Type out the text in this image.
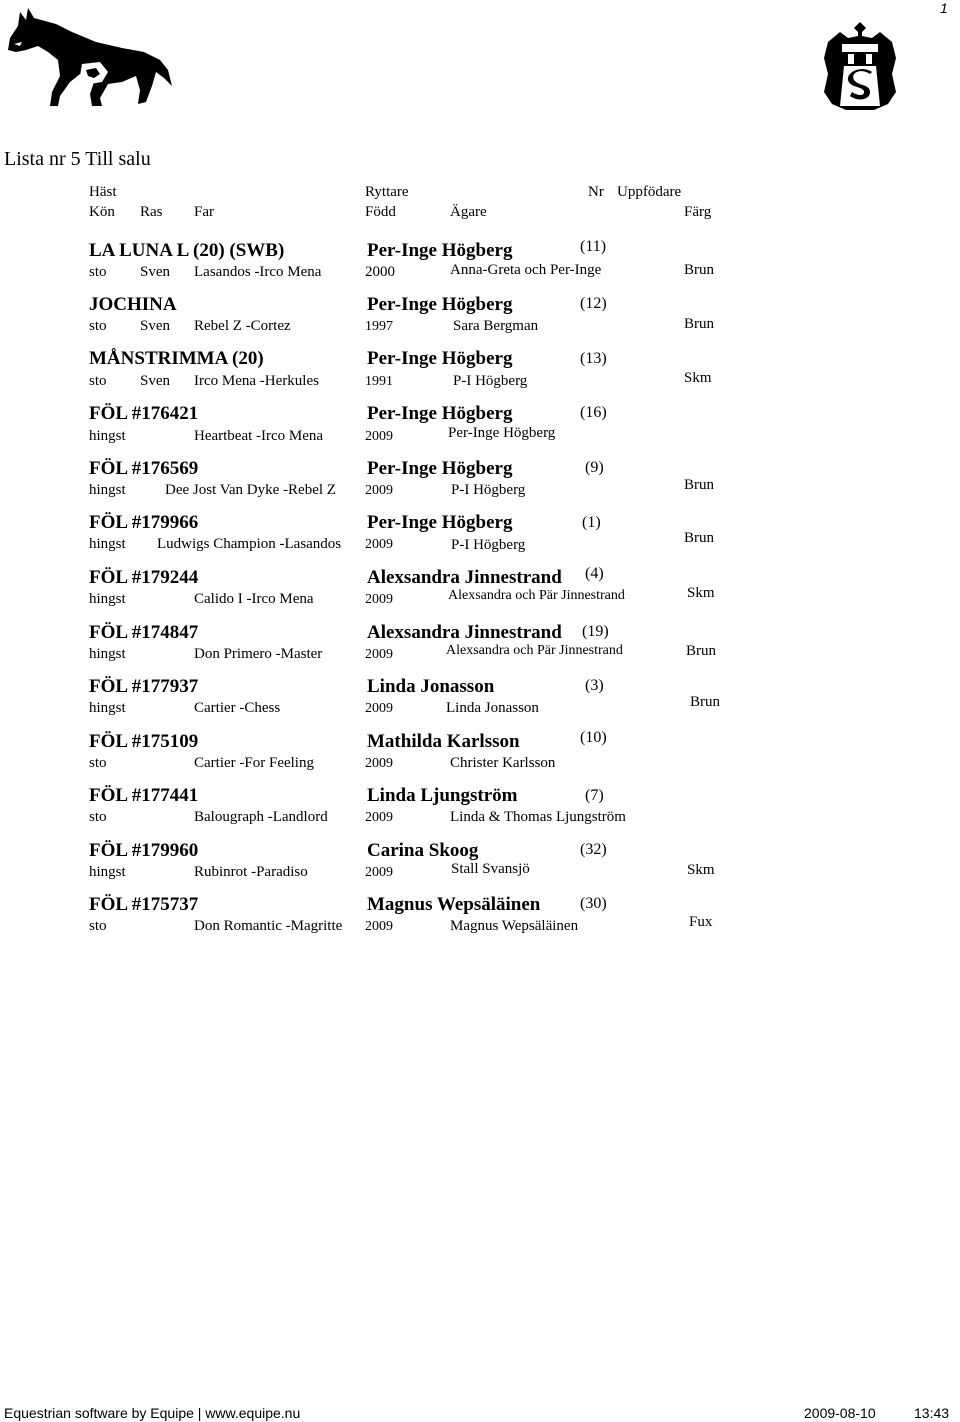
1
Lista nr 5 Till salu
Häst	Ryttare	Nr Uppfödare
Kön Ras Far	Född	Ägare	Färg
LA LUNA L (20) (SWB)	Per-Inge Högberg	(11)
sto Sven Lasandos -Irco Mena	2000	Anna-Greta och Per-Inge	Brun
JOCHINA	Per-Inge Högberg	(12)
sto Sven Rebel Z -Cortez	1997	Sara Bergman	Brun
MÅNSTRIMMA (20)	Per-Inge Högberg	(13)
sto Sven Irco Mena -Herkules	1991	P-I Högberg	Skm
FÖL #176421	Per-Inge Högberg	(16)
hingst	Heartbeat -Irco Mena	2009	Per-Inge Högberg
FÖL #176569	Per-Inge Högberg	(9)
hingst	Dee Jost Van Dyke -Rebel Z 2009	P-I Högberg	Brun
FÖL #179966	Per-Inge Högberg	(1)
hingst Ludwigs Champion -Lasandos 2009	P-I Högberg	Brun
FÖL #179244	Alexsandra Jinnestrand (4)
hingst	Calido I -Irco Mena	2009	Alexsandra och Pär Jinnestrand	Skm
FÖL #174847	Alexsandra Jinnestrand (19)
hingst	Don Primero -Master	2009	Alexsandra och Pär Jinnestrand	Brun
FÖL #177937	Linda Jonasson	(3)
hingst	Cartier -Chess	2009	Linda Jonasson	Brun
FÖL #175109	Mathilda Karlsson	(10)
sto	Cartier -For Feeling	2009	Christer Karlsson
FÖL #177441	Linda Ljungström	(7)
sto	Balougraph -Landlord	2009	Linda & Thomas Ljungström
FÖL #179960	Carina Skoog	(32)
hingst	Rubinrot -Paradiso	2009	Stall Svansjö	Skm
FÖL #175737	Magnus Wepsäläinen (30)
sto	Don Romantic -Magritte 2009	Magnus Wepsäläinen	Fux
Equestrian software by Equipe | www.equipe.nu	2009-08-10	13:43
